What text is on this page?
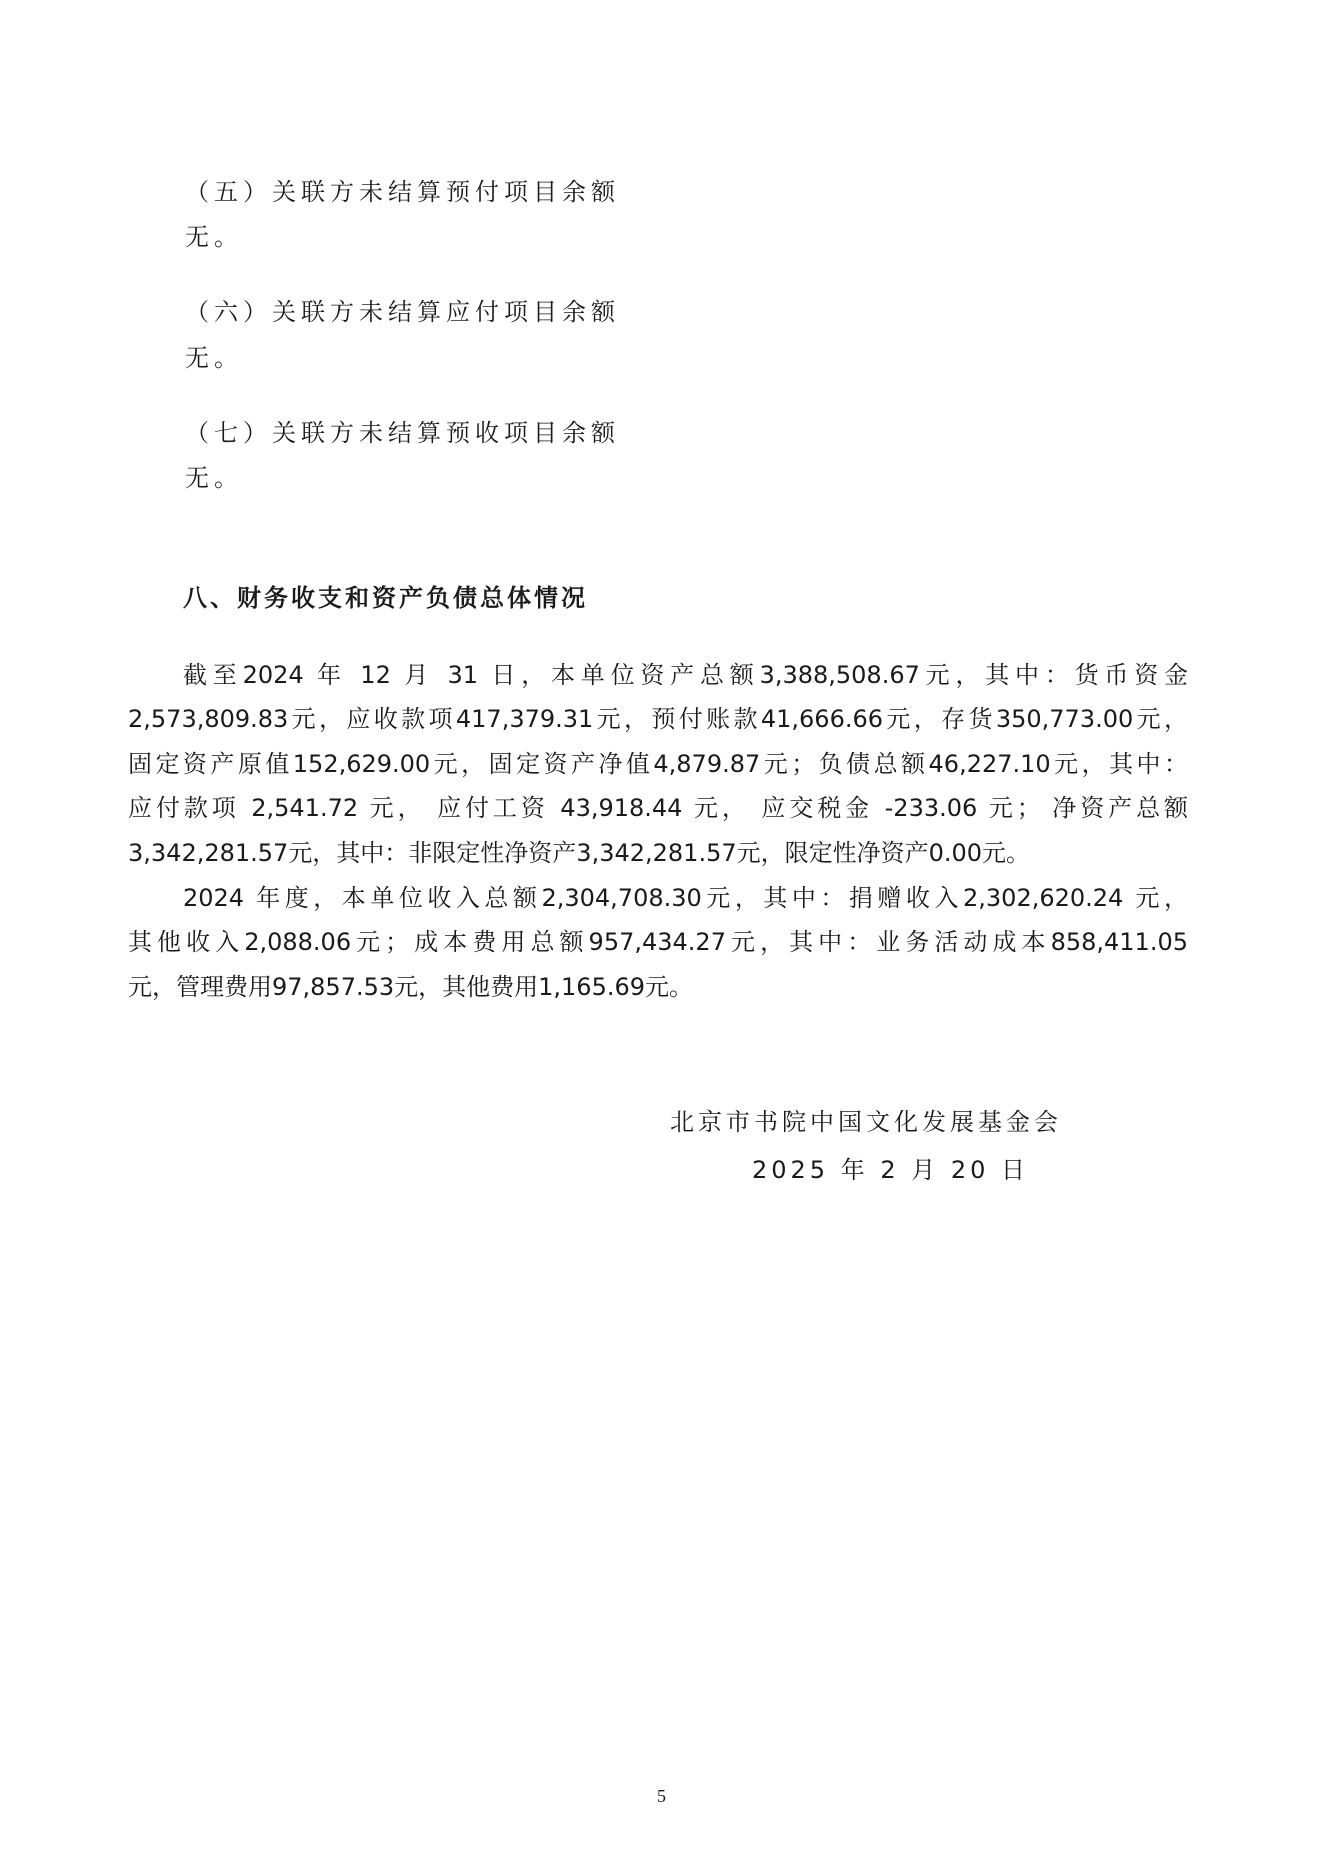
（五）关联方未结算预付项目余额

无。

（六）关联方未结算应付项目余额

无。

（七）关联方未结算预收项目余额

无。

八、财务收支和资产负债总体情况

截至2024 年 12 月 31 日，本单位资产总额3,388,508.67元，其中：货币资金

2,573,809.83元，应收款项417,379.31元，预付账款41,666.66元，存货350,773.00元，

固定资产原值152,629.00元，固定资产净值4,879.87元；负债总额46,227.10元，其中：

应付款项 2,541.72 元， 应付工资 43,918.44 元， 应交税金 -233.06 元； 净资产总额

3,342,281.57元，其中：非限定性净资产3,342,281.57元，限定性净资产0.00元。

2024 年度，本单位收入总额2,304,708.30元，其中：捐赠收入2,302,620.24 元，

其他收入2,088.06元；成本费用总额957,434.27元，其中：业务活动成本858,411.05

元，管理费用97,857.53元，其他费用1,165.69元。

北京市书院中国文化发展基金会

2025 年 2 月 20 日

5
